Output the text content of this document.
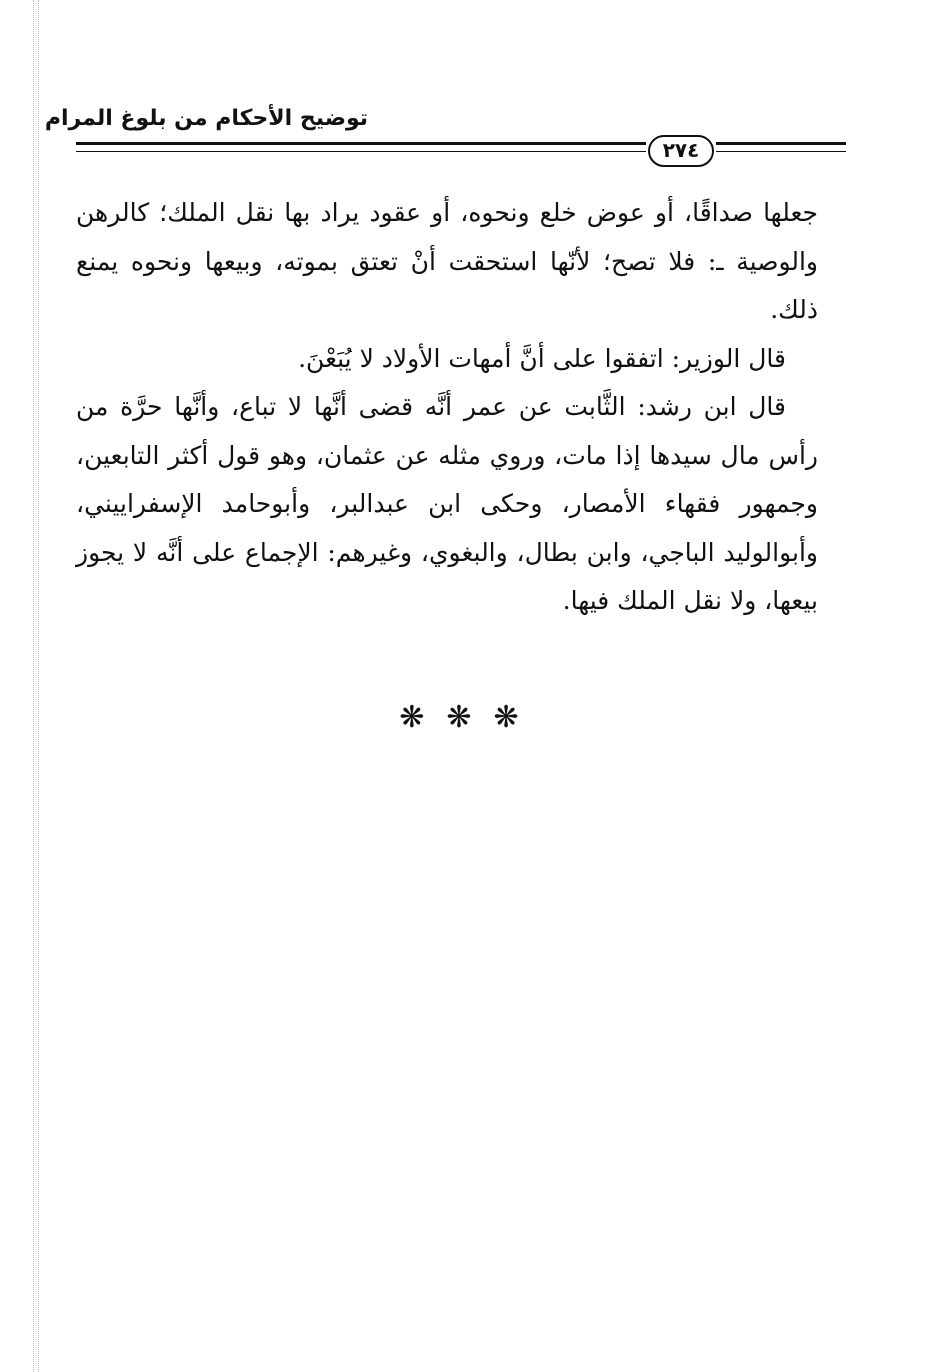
توضيح الأحكام من بلوغ المرام
٢٧٤

جعلها صداقًا، أو عوض خلع ونحوه، أو عقود يراد بها نقل الملك؛ كالرهن والوصية ـ: فلا تصح؛ لأنّها استحقت أنْ تعتق بموته، وبيعها ونحوه يمنع ذلك.

قال الوزير: اتفقوا على أنَّ أمهات الأولاد لا يُبَعْنَ.

قال ابن رشد: الثَّابت عن عمر أنَّه قضى أنَّها لا تباع، وأنَّها حرَّة من رأس مال سيدها إذا مات، وروي مثله عن عثمان، وهو قول أكثر التابعين، وجمهور فقهاء الأمصار، وحكى ابن عبدالبر، وأبوحامد الإسفراييني، وأبوالوليد الباجي، وابن بطال، والبغوي، وغيرهم: الإجماع على أنَّه لا يجوز بيعها، ولا نقل الملك فيها.

❋❋❋
